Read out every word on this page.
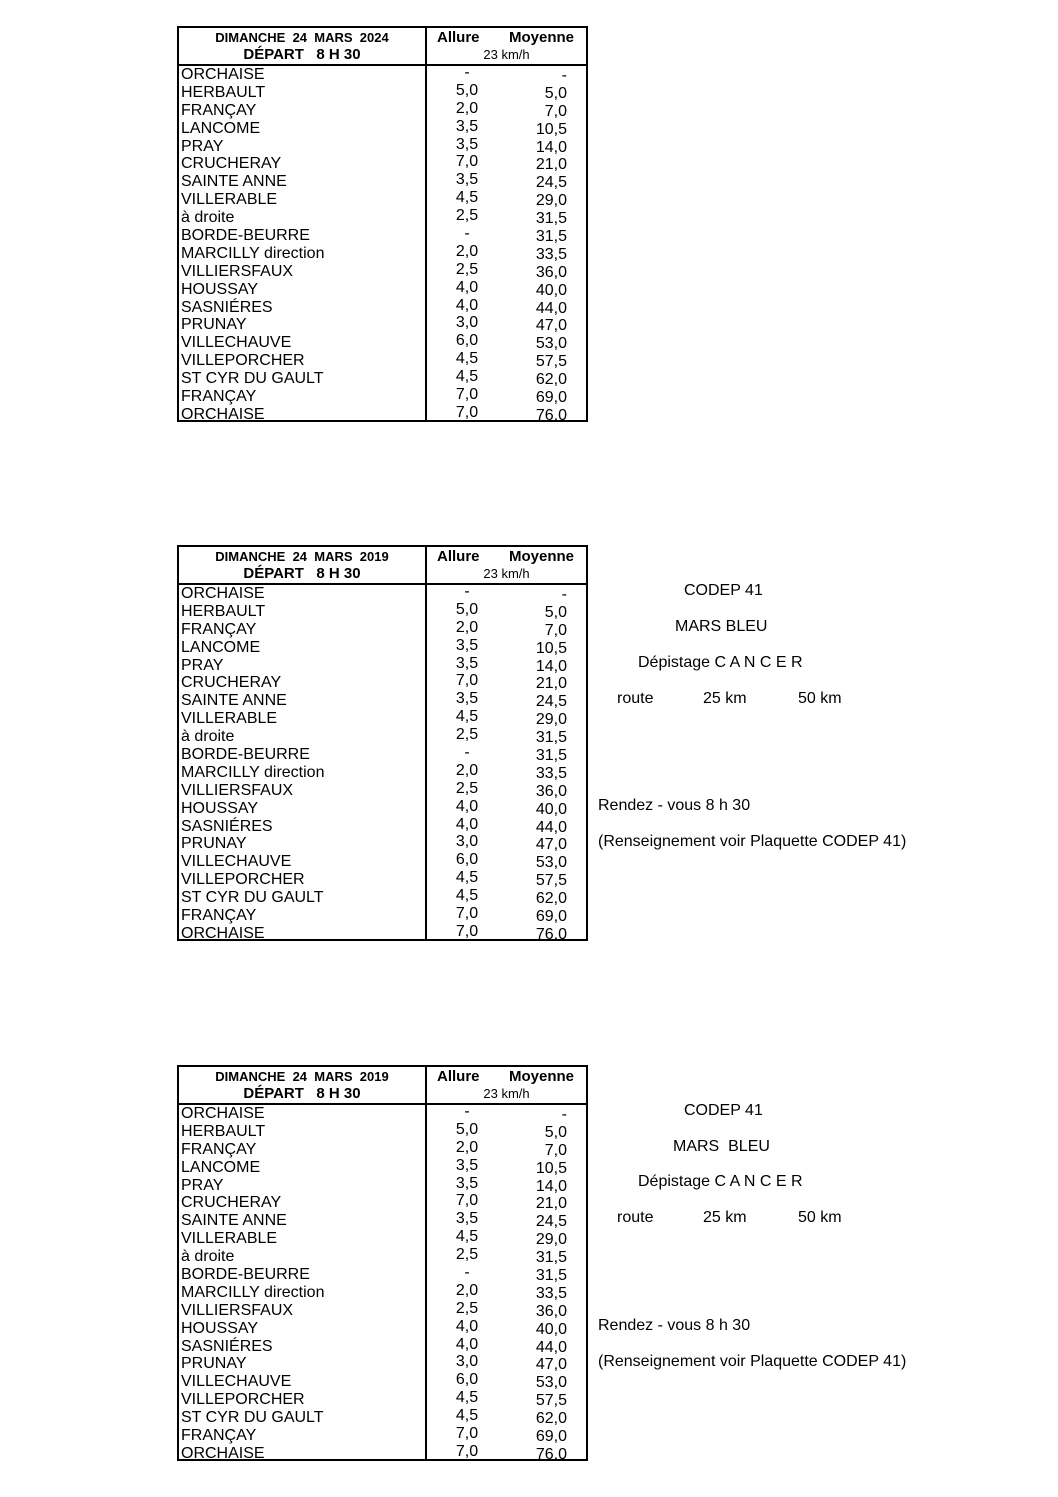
DIMANCHE  24  MARS  2024
DÉPART   8 H 30
Allure Moyenne
23 km/h
ORCHAISE	-	-
HERBAULT	5,0	5,0
FRANÇAY	2,0	7,0
LANCOME	3,5	10,5
PRAY	3,5	14,0
CRUCHERAY	7,0	21,0
SAINTE ANNE	3,5	24,5
VILLERABLE	4,5	29,0
à droite	2,5	31,5
BORDE-BEURRE	-	31,5
MARCILLY direction	2,0	33,5
VILLIERSFAUX	2,5	36,0
HOUSSAY	4,0	40,0
SASNIÉRES	4,0	44,0
PRUNAY	3,0	47,0
VILLECHAUVE	6,0	53,0
VILLEPORCHER	4,5	57,5
ST CYR DU GAULT	4,5	62,0
FRANÇAY	7,0	69,0
ORCHAISE	7,0	76,0
DIMANCHE  24  MARS  2019
DÉPART   8 H 30
Allure Moyenne
23 km/h
ORCHAISE	-	-
HERBAULT	5,0	5,0
FRANÇAY	2,0	7,0
LANCOME	3,5	10,5
PRAY	3,5	14,0
CRUCHERAY	7,0	21,0
SAINTE ANNE	3,5	24,5
VILLERABLE	4,5	29,0
à droite	2,5	31,5
BORDE-BEURRE	-	31,5
MARCILLY direction	2,0	33,5
VILLIERSFAUX	2,5	36,0
HOUSSAY	4,0	40,0
SASNIÉRES	4,0	44,0
PRUNAY	3,0	47,0
VILLECHAUVE	6,0	53,0
VILLEPORCHER	4,5	57,5
ST CYR DU GAULT	4,5	62,0
FRANÇAY	7,0	69,0
ORCHAISE	7,0	76,0
CODEP 41
MARS BLEU
Dépistage C A N C E R
route	25 km	50 km
Rendez - vous 8 h 30
(Renseignement voir Plaquette CODEP 41)
DIMANCHE  24  MARS  2019
DÉPART   8 H 30
Allure Moyenne
23 km/h
ORCHAISE	-	-
HERBAULT	5,0	5,0
FRANÇAY	2,0	7,0
LANCOME	3,5	10,5
PRAY	3,5	14,0
CRUCHERAY	7,0	21,0
SAINTE ANNE	3,5	24,5
VILLERABLE	4,5	29,0
à droite	2,5	31,5
BORDE-BEURRE	-	31,5
MARCILLY direction	2,0	33,5
VILLIERSFAUX	2,5	36,0
HOUSSAY	4,0	40,0
SASNIÉRES	4,0	44,0
PRUNAY	3,0	47,0
VILLECHAUVE	6,0	53,0
VILLEPORCHER	4,5	57,5
ST CYR DU GAULT	4,5	62,0
FRANÇAY	7,0	69,0
ORCHAISE	7,0	76,0
CODEP 41
MARS  BLEU
Dépistage C A N C E R
route	25 km	50 km
Rendez - vous 8 h 30
(Renseignement voir Plaquette CODEP 41)
